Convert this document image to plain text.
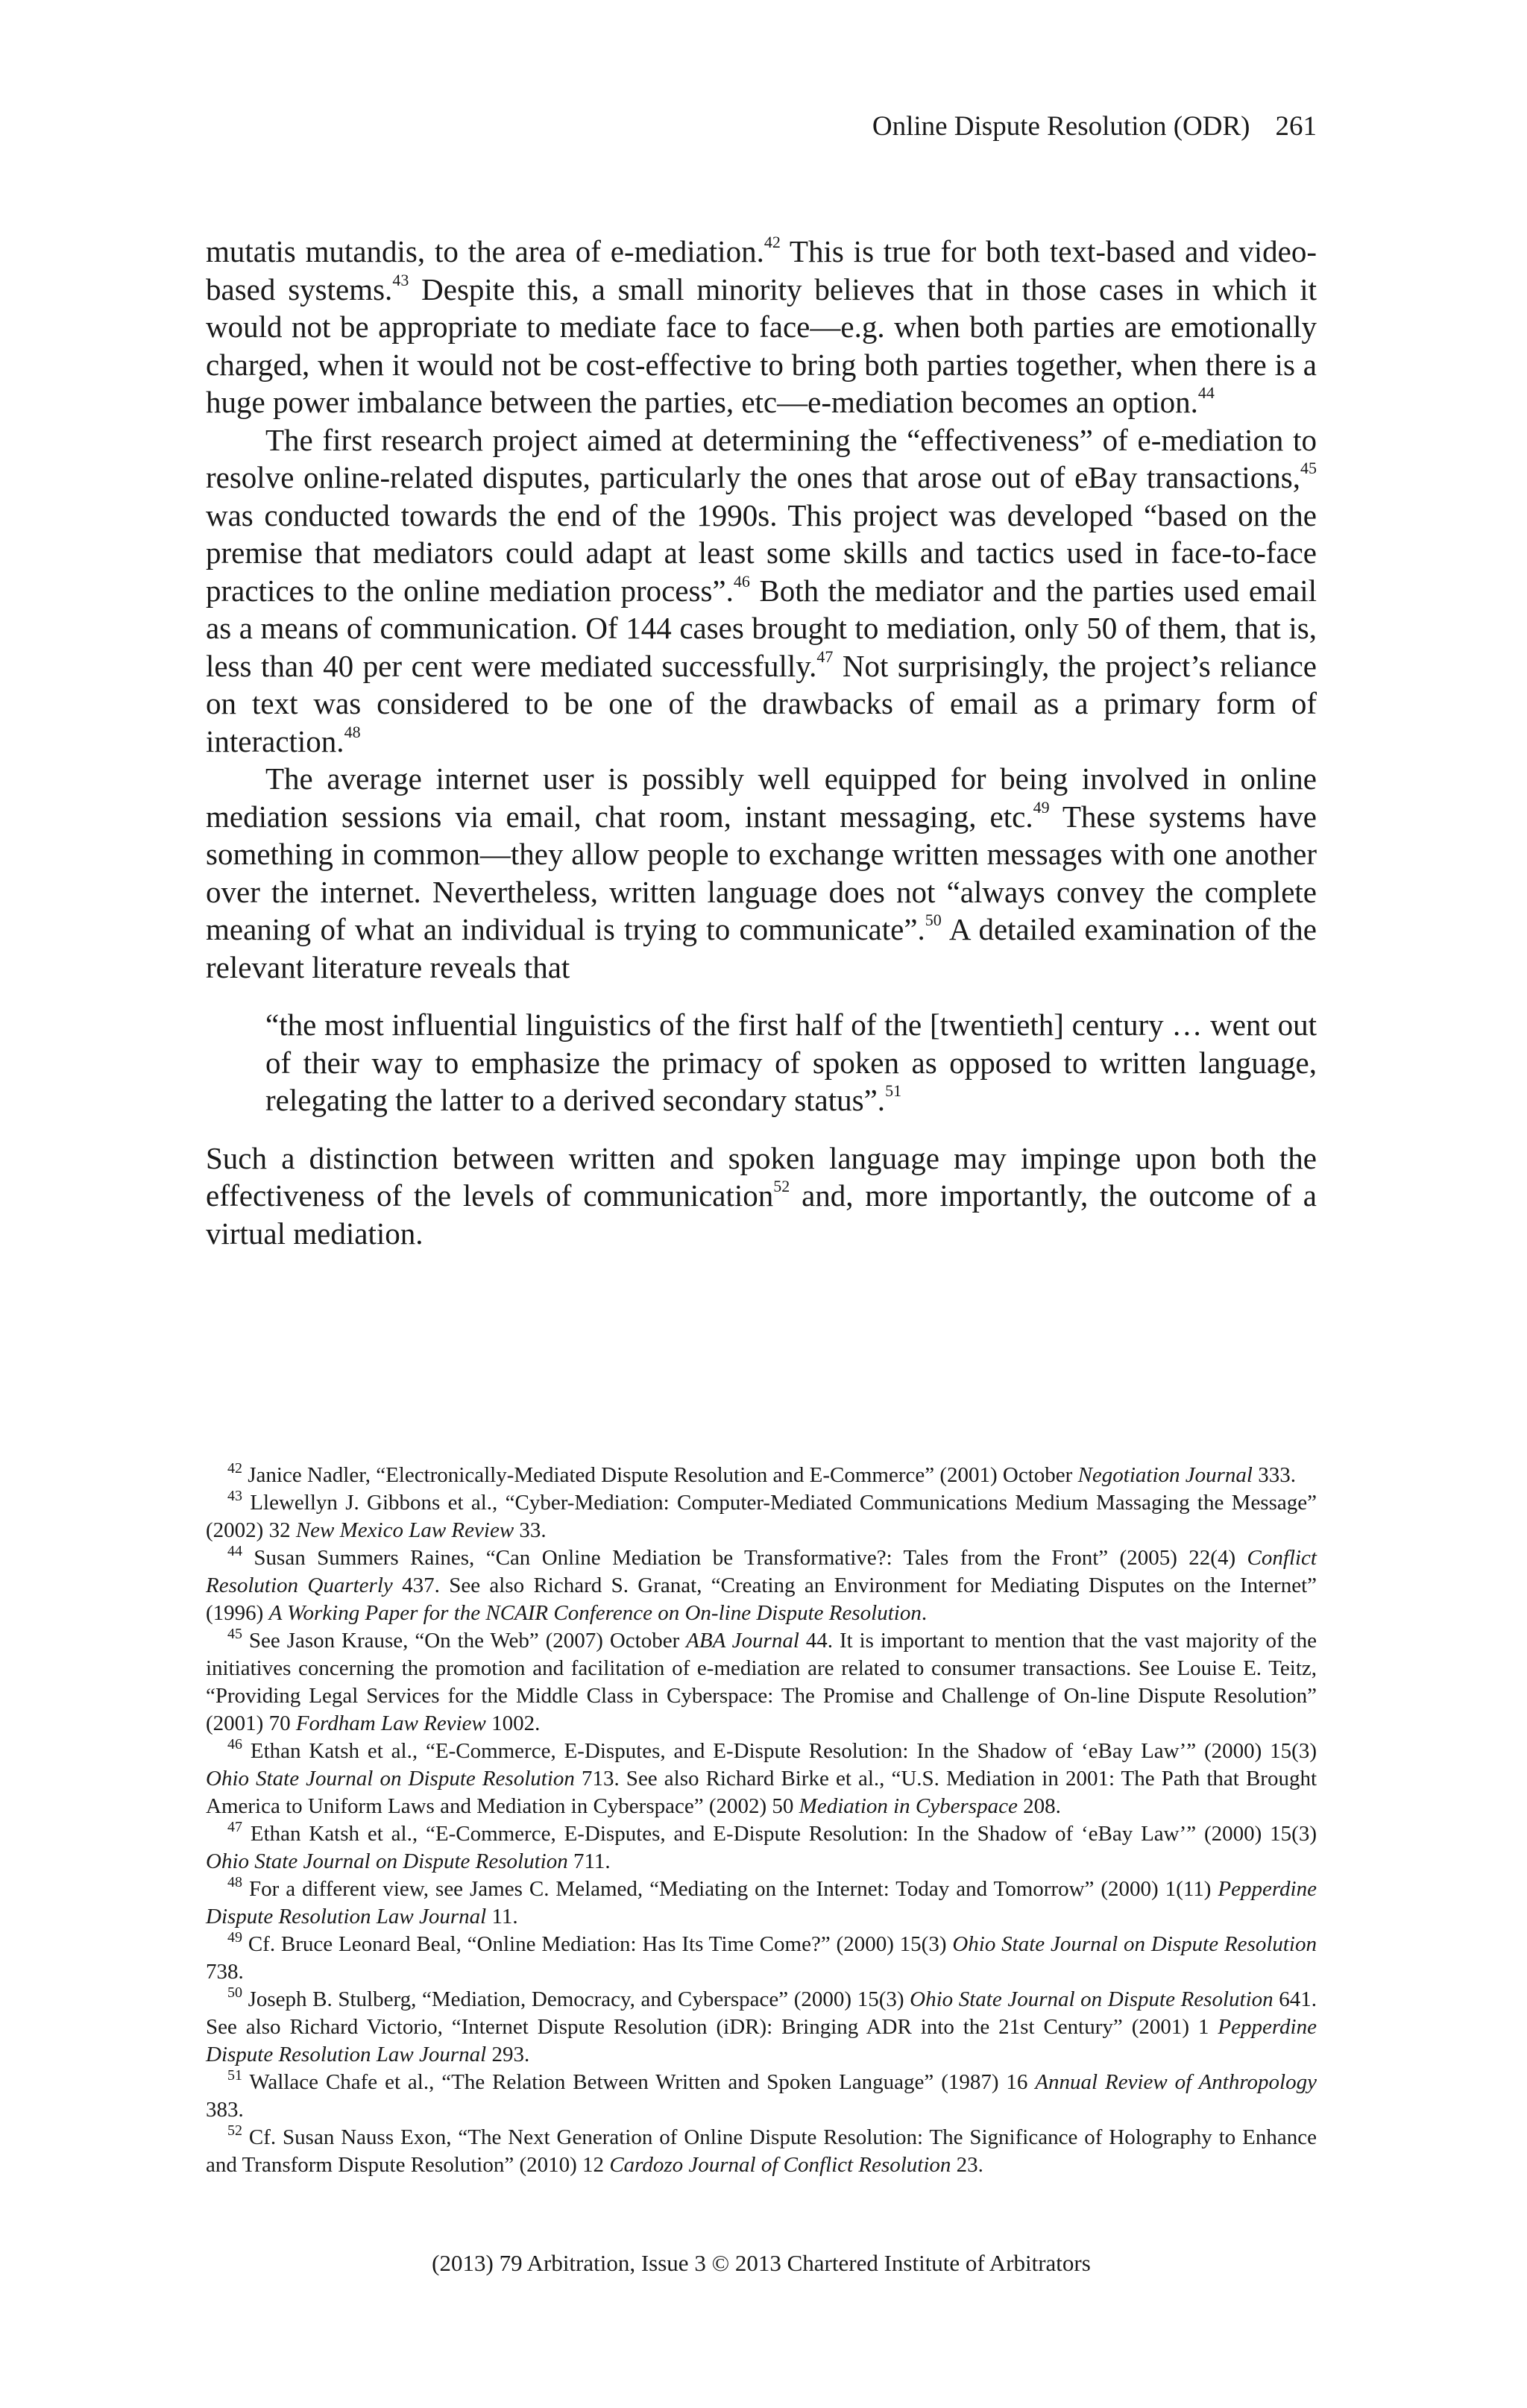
Online Dispute Resolution (ODR) 261

mutatis mutandis, to the area of e-mediation.$^{42}$ This is true for both text-based and video-based systems.$^{43}$ Despite this, a small minority believes that in those cases in which it would not be appropriate to mediate face to face—e.g. when both parties are emotionally charged, when it would not be cost-effective to bring both parties together, when there is a huge power imbalance between the parties, etc—e-mediation becomes an option.$^{44}$

The first research project aimed at determining the “effectiveness” of e-mediation to resolve online-related disputes, particularly the ones that arose out of eBay transactions,$^{45}$ was conducted towards the end of the 1990s. This project was developed “based on the premise that mediators could adapt at least some skills and tactics used in face-to-face practices to the online mediation process”.$^{46}$ Both the mediator and the parties used email as a means of communication. Of 144 cases brought to mediation, only 50 of them, that is, less than 40 per cent were mediated successfully.$^{47}$ Not surprisingly, the project’s reliance on text was considered to be one of the drawbacks of email as a primary form of interaction.$^{48}$

The average internet user is possibly well equipped for being involved in online mediation sessions via email, chat room, instant messaging, etc.$^{49}$ These systems have something in common—they allow people to exchange written messages with one another over the internet. Nevertheless, written language does not “always convey the complete meaning of what an individual is trying to communicate”.$^{50}$ A detailed examination of the relevant literature reveals that

“the most influential linguistics of the first half of the [twentieth] century … went out of their way to emphasize the primacy of spoken as opposed to written language, relegating the latter to a derived secondary status”.$^{51}$

Such a distinction between written and spoken language may impinge upon both the effectiveness of the levels of communication$^{52}$ and, more importantly, the outcome of a virtual mediation.

$^{42}$ Janice Nadler, “Electronically-Mediated Dispute Resolution and E-Commerce” (2001) October Negotiation Journal 333.

$^{43}$ Llewellyn J. Gibbons et al., “Cyber-Mediation: Computer-Mediated Communications Medium Massaging the Message” (2002) 32 New Mexico Law Review 33.

$^{44}$ Susan Summers Raines, “Can Online Mediation be Transformative?: Tales from the Front” (2005) 22(4) Conflict Resolution Quarterly 437. See also Richard S. Granat, “Creating an Environment for Mediating Disputes on the Internet” (1996) A Working Paper for the NCAIR Conference on On-line Dispute Resolution.

$^{45}$ See Jason Krause, “On the Web” (2007) October ABA Journal 44. It is important to mention that the vast majority of the initiatives concerning the promotion and facilitation of e-mediation are related to consumer transactions. See Louise E. Teitz, “Providing Legal Services for the Middle Class in Cyberspace: The Promise and Challenge of On-line Dispute Resolution” (2001) 70 Fordham Law Review 1002.

$^{46}$ Ethan Katsh et al., “E-Commerce, E-Disputes, and E-Dispute Resolution: In the Shadow of ‘eBay Law’” (2000) 15(3) Ohio State Journal on Dispute Resolution 713. See also Richard Birke et al., “U.S. Mediation in 2001: The Path that Brought America to Uniform Laws and Mediation in Cyberspace” (2002) 50 Mediation in Cyberspace 208.

$^{47}$ Ethan Katsh et al., “E-Commerce, E-Disputes, and E-Dispute Resolution: In the Shadow of ‘eBay Law’” (2000) 15(3) Ohio State Journal on Dispute Resolution 711.

$^{48}$ For a different view, see James C. Melamed, “Mediating on the Internet: Today and Tomorrow” (2000) 1(11) Pepperdine Dispute Resolution Law Journal 11.

$^{49}$ Cf. Bruce Leonard Beal, “Online Mediation: Has Its Time Come?” (2000) 15(3) Ohio State Journal on Dispute Resolution 738.

$^{50}$ Joseph B. Stulberg, “Mediation, Democracy, and Cyberspace” (2000) 15(3) Ohio State Journal on Dispute Resolution 641. See also Richard Victorio, “Internet Dispute Resolution (iDR): Bringing ADR into the 21st Century” (2001) 1 Pepperdine Dispute Resolution Law Journal 293.

$^{51}$ Wallace Chafe et al., “The Relation Between Written and Spoken Language” (1987) 16 Annual Review of Anthropology 383.

$^{52}$ Cf. Susan Nauss Exon, “The Next Generation of Online Dispute Resolution: The Significance of Holography to Enhance and Transform Dispute Resolution” (2010) 12 Cardozo Journal of Conflict Resolution 23.

(2013) 79 Arbitration, Issue 3 © 2013 Chartered Institute of Arbitrators
